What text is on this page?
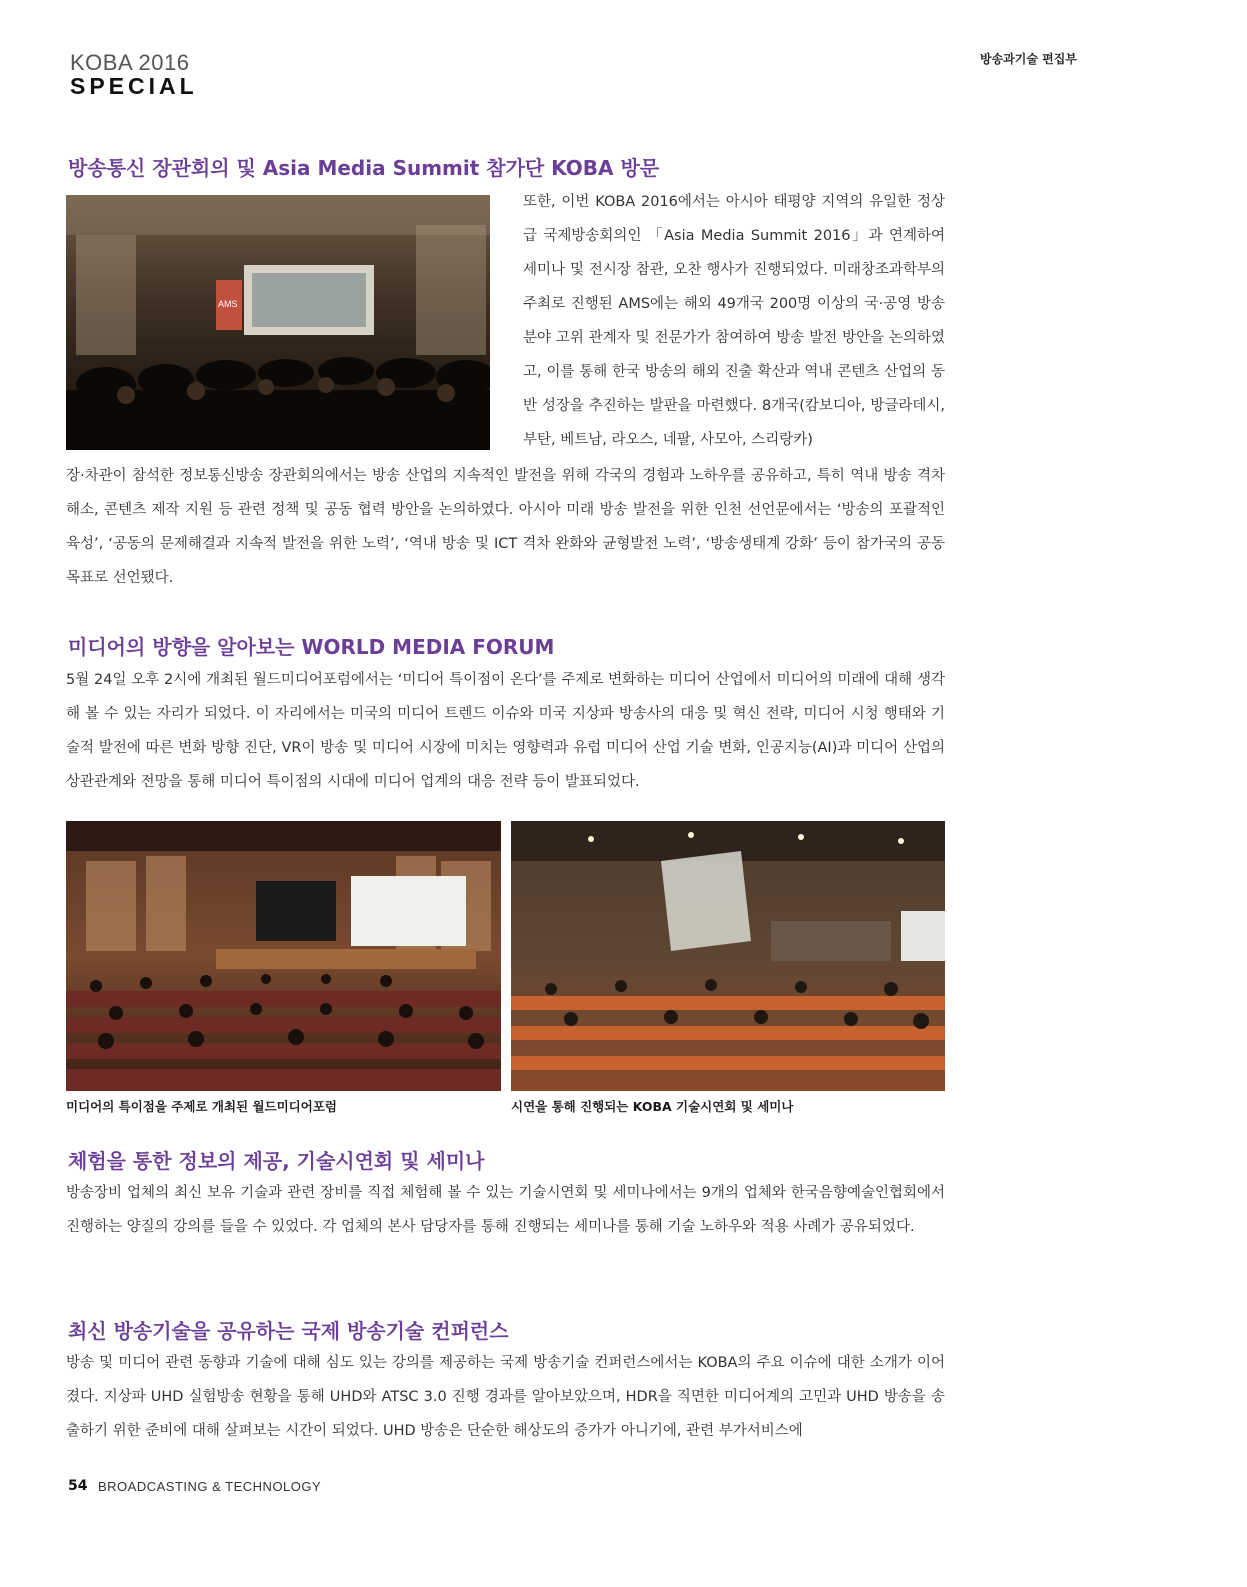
KOBA 2016
SPECIAL
방송과기술 편집부
방송통신 장관회의 및 Asia Media Summit 참가단 KOBA 방문
AMS

또한, 이번 KOBA 2016에서는 아시아 태평양 지역의 유일한 정상급 국제방송회의인 「Asia Media Summit 2016」과 연계하여 세미나 및 전시장 참관, 오찬 행사가 진행되었다. 미래창조과학부의 주최로 진행된 AMS에는 해외 49개국 200명 이상의 국·공영 방송분야 고위 관계자 및 전문가가 참여하여 방송 발전 방안을 논의하였고, 이를 통해 한국 방송의 해외 진출 확산과 역내 콘텐츠 산업의 동반 성장을 추진하는 발판을 마련했다. 8개국(캄보디아, 방글라데시, 부탄, 베트남, 라오스, 네팔, 사모아, 스리랑카)

장·차관이 참석한 정보통신방송 장관회의에서는 방송 산업의 지속적인 발전을 위해 각국의 경험과 노하우를 공유하고, 특히 역내 방송 격차 해소, 콘텐츠 제작 지원 등 관련 정책 및 공동 협력 방안을 논의하였다. 아시아 미래 방송 발전을 위한 인천 선언문에서는 ‘방송의 포괄적인 육성’, ‘공동의 문제해결과 지속적 발전을 위한 노력’, ‘역내 방송 및 ICT 격차 완화와 균형발전 노력’, ‘방송생태계 강화’ 등이 참가국의 공동 목표로 선언됐다.

미디어의 방향을 알아보는 WORLD MEDIA FORUM

5월 24일 오후 2시에 개최된 월드미디어포럼에서는 ‘미디어 특이점이 온다’를 주제로 변화하는 미디어 산업에서 미디어의 미래에 대해 생각해 볼 수 있는 자리가 되었다. 이 자리에서는 미국의 미디어 트렌드 이슈와 미국 지상파 방송사의 대응 및 혁신 전략, 미디어 시청 행태와 기술적 발전에 따른 변화 방향 진단, VR이 방송 및 미디어 시장에 미치는 영향력과 유럽 미디어 산업 기술 변화, 인공지능(AI)과 미디어 산업의 상관관계와 전망을 통해 미디어 특이점의 시대에 미디어 업계의 대응 전략 등이 발표되었다.

미디어의 특이점을 주제로 개최된 월드미디어포럼	시연을 통해 진행되는 KOBA 기술시연회 및 세미나
체험을 통한 정보의 제공, 기술시연회 및 세미나

방송장비 업체의 최신 보유 기술과 관련 장비를 직접 체험해 볼 수 있는 기술시연회 및 세미나에서는 9개의 업체와 한국음향예술인협회에서 진행하는 양질의 강의를 들을 수 있었다. 각 업체의 본사 담당자를 통해 진행되는 세미나를 통해 기술 노하우와 적용 사례가 공유되었다.

최신 방송기술을 공유하는 국제 방송기술 컨퍼런스

방송 및 미디어 관련 동향과 기술에 대해 심도 있는 강의를 제공하는 국제 방송기술 컨퍼런스에서는 KOBA의 주요 이슈에 대한 소개가 이어졌다. 지상파 UHD 실험방송 현황을 통해 UHD와 ATSC 3.0 진행 경과를 알아보았으며, HDR을 직면한 미디어계의 고민과 UHD 방송을 송출하기 위한 준비에 대해 살펴보는 시간이 되었다. UHD 방송은 단순한 해상도의 증가가 아니기에, 관련 부가서비스에

54 BROADCASTING & TECHNOLOGY
